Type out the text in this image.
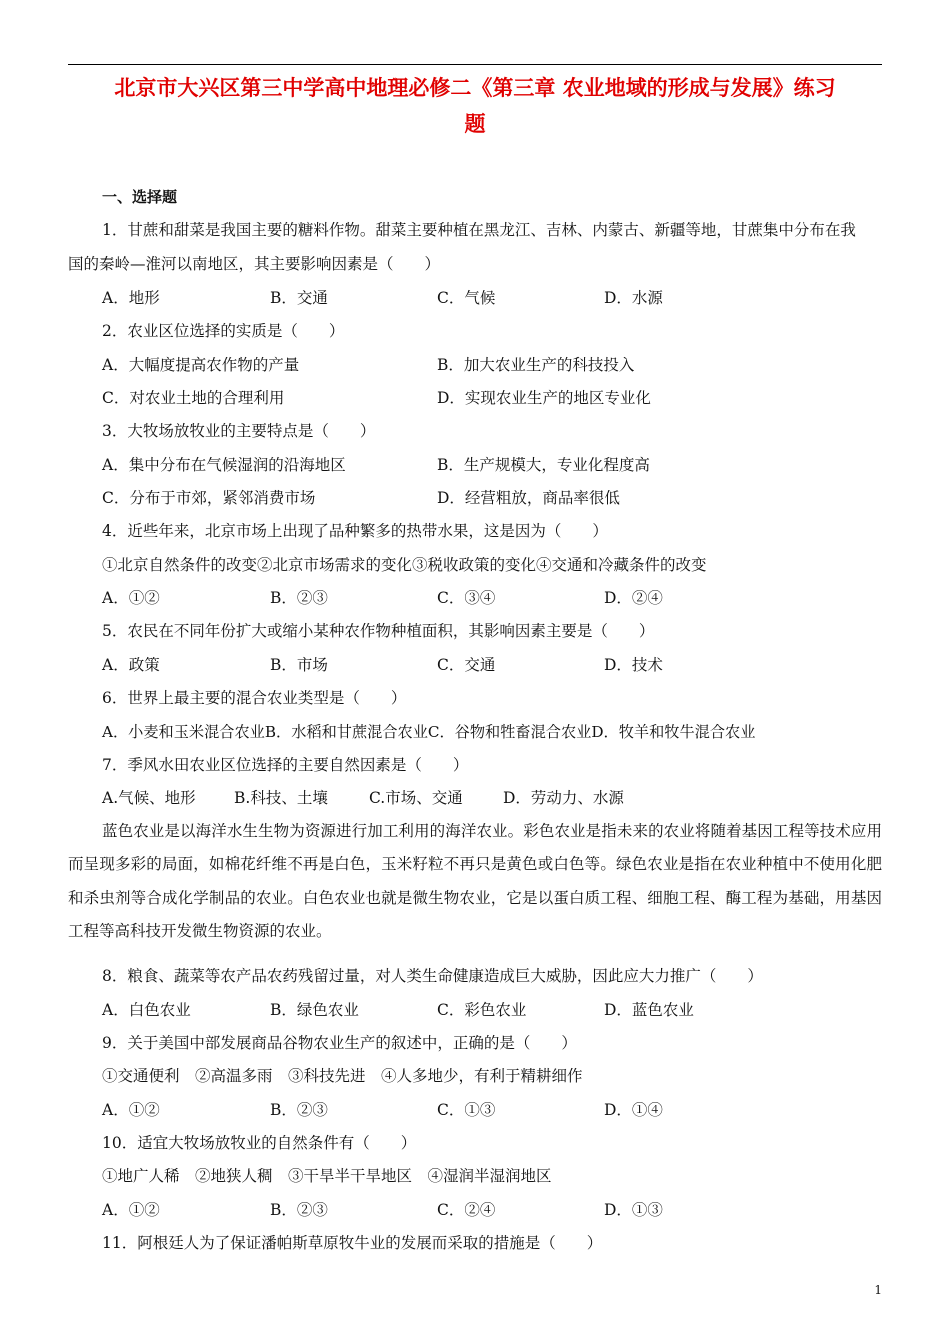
北京市大兴区第三中学高中地理必修二《第三章 农业地域的形成与发展》练习
题
一、选择题
1．甘蔗和甜菜是我国主要的糖料作物。甜菜主要种植在黑龙江、吉林、内蒙古、新疆等地，甘蔗集中分布在我
国的秦岭—淮河以南地区，其主要影响因素是（　　）
A．地形	B．交通	C．气候	D．水源
2．农业区位选择的实质是（　　）
A．大幅度提高农作物的产量	B．加大农业生产的科技投入
C．对农业土地的合理利用	D．实现农业生产的地区专业化
3．大牧场放牧业的主要特点是（　　）
A．集中分布在气候湿润的沿海地区	B．生产规模大，专业化程度高
C．分布于市郊，紧邻消费市场	D．经营粗放，商品率很低
4．近些年来，北京市场上出现了品种繁多的热带水果，这是因为（　　）
①北京自然条件的改变②北京市场需求的变化③税收政策的变化④交通和冷藏条件的改变
A．①②	B．②③	C．③④	D．②④
5．农民在不同年份扩大或缩小某种农作物种植面积，其影响因素主要是（　　）
A．政策	B．市场	C．交通	D．技术
6．世界上最主要的混合农业类型是（　　）
A．小麦和玉米混合农业B．水稻和甘蔗混合农业C．谷物和牲畜混合农业D．牧羊和牧牛混合农业
7．季风水田农业区位选择的主要自然因素是（　　）
A.气候、地形 B.科技、土壤	C.市场、交通	D．劳动力、水源
蓝色农业是以海洋水生生物为资源进行加工利用的海洋农业。彩色农业是指未来的农业将随着基因工程等技术应用而呈现多彩的局面，如棉花纤维不再是白色，玉米籽粒不再只是黄色或白色等。绿色农业是指在农业种植中不使用化肥和杀虫剂等合成化学制品的农业。白色农业也就是微生物农业，它是以蛋白质工程、细胞工程、酶工程为基础，用基因工程等高科技开发微生物资源的农业。
8．粮食、蔬菜等农产品农药残留过量，对人类生命健康造成巨大威胁，因此应大力推广（　　）
A．白色农业	B．绿色农业	C．彩色农业	D．蓝色农业
9．关于美国中部发展商品谷物农业生产的叙述中，正确的是（　　）
①交通便利　②高温多雨　③科技先进　④人多地少，有利于精耕细作
A．①②	B．②③	C．①③	D．①④
10．适宜大牧场放牧业的自然条件有（　　）
①地广人稀　②地狭人稠　③干旱半干旱地区　④湿润半湿润地区
A．①②	B．②③	C．②④	D．①③
11．阿根廷人为了保证潘帕斯草原牧牛业的发展而采取的措施是（　　）
1
